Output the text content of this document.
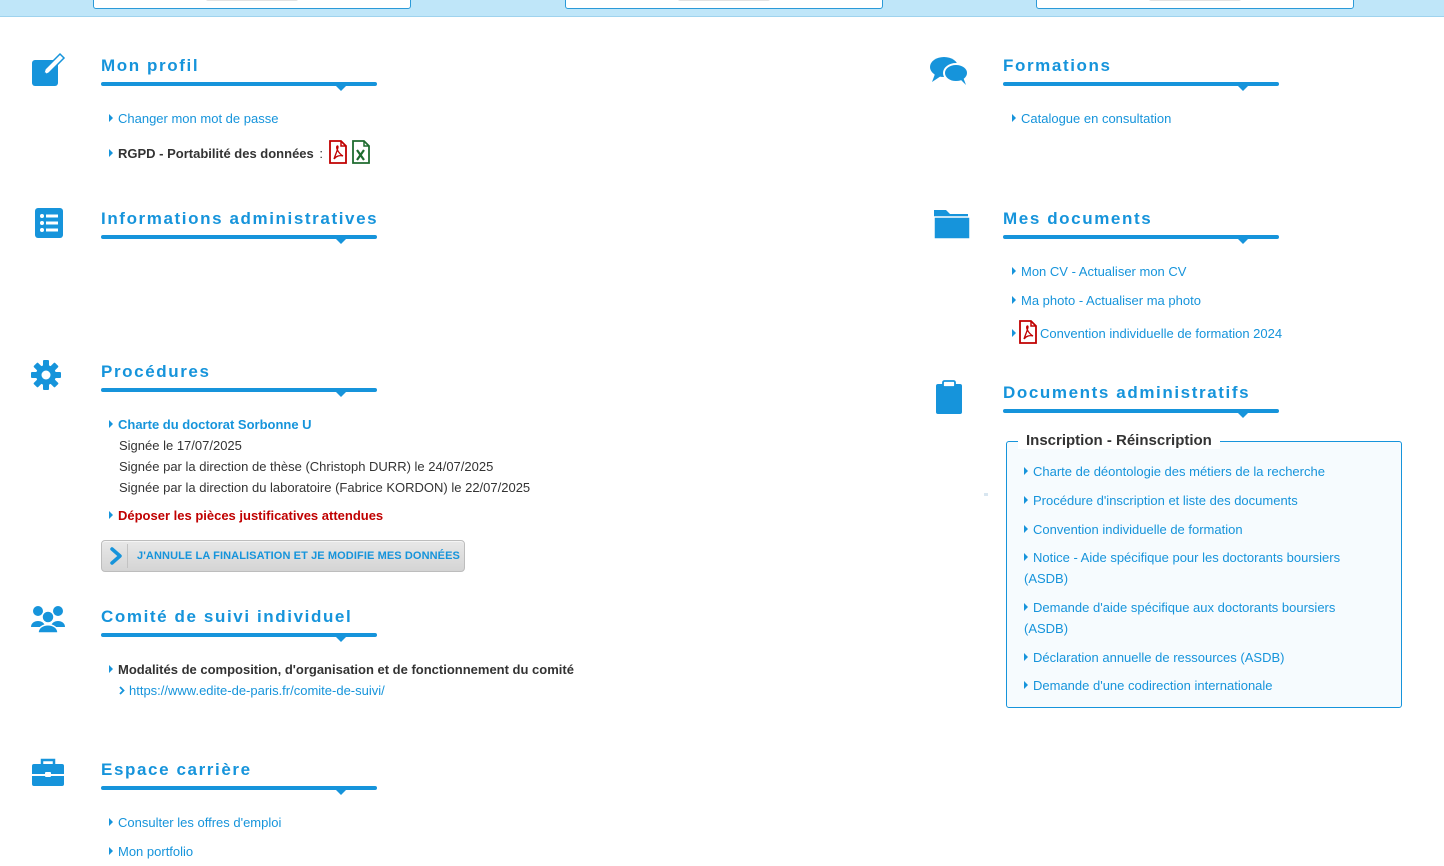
Mon profil
Changer mon mot de passe
RGPD - Portabilité des données :
Formations
Catalogue en consultation
Informations administratives	Mes documents
Mon CV - Actualiser mon CV
Ma photo - Actualiser ma photo
Convention individuelle de formation 2024
Procédures
Charte du doctorat Sorbonne U
Signée le 17/07/2025
Signée par la direction de thèse (Christoph DURR) le 24/07/2025
Signée par la direction du laboratoire (Fabrice KORDON) le 22/07/2025
Déposer les pièces justificatives attendues
J'ANNULE LA FINALISATION ET JE MODIFIE MES DONNÉES
Documents administratifs
Inscription - Réinscription
Charte de déontologie des métiers de la recherche
Procédure d'inscription et liste des documents
Convention individuelle de formation
Notice - Aide spécifique pour les doctorants boursiers (ASDB)
Demande d'aide spécifique aux doctorants boursiers (ASDB)
Déclaration annuelle de ressources (ASDB)
Demande d'une codirection internationale
Comité de suivi individuel
Modalités de composition, d'organisation et de fonctionnement du comité
https://www.edite-de-paris.fr/comite-de-suivi/
Espace carrière
Consulter les offres d'emploi
Mon portfolio
